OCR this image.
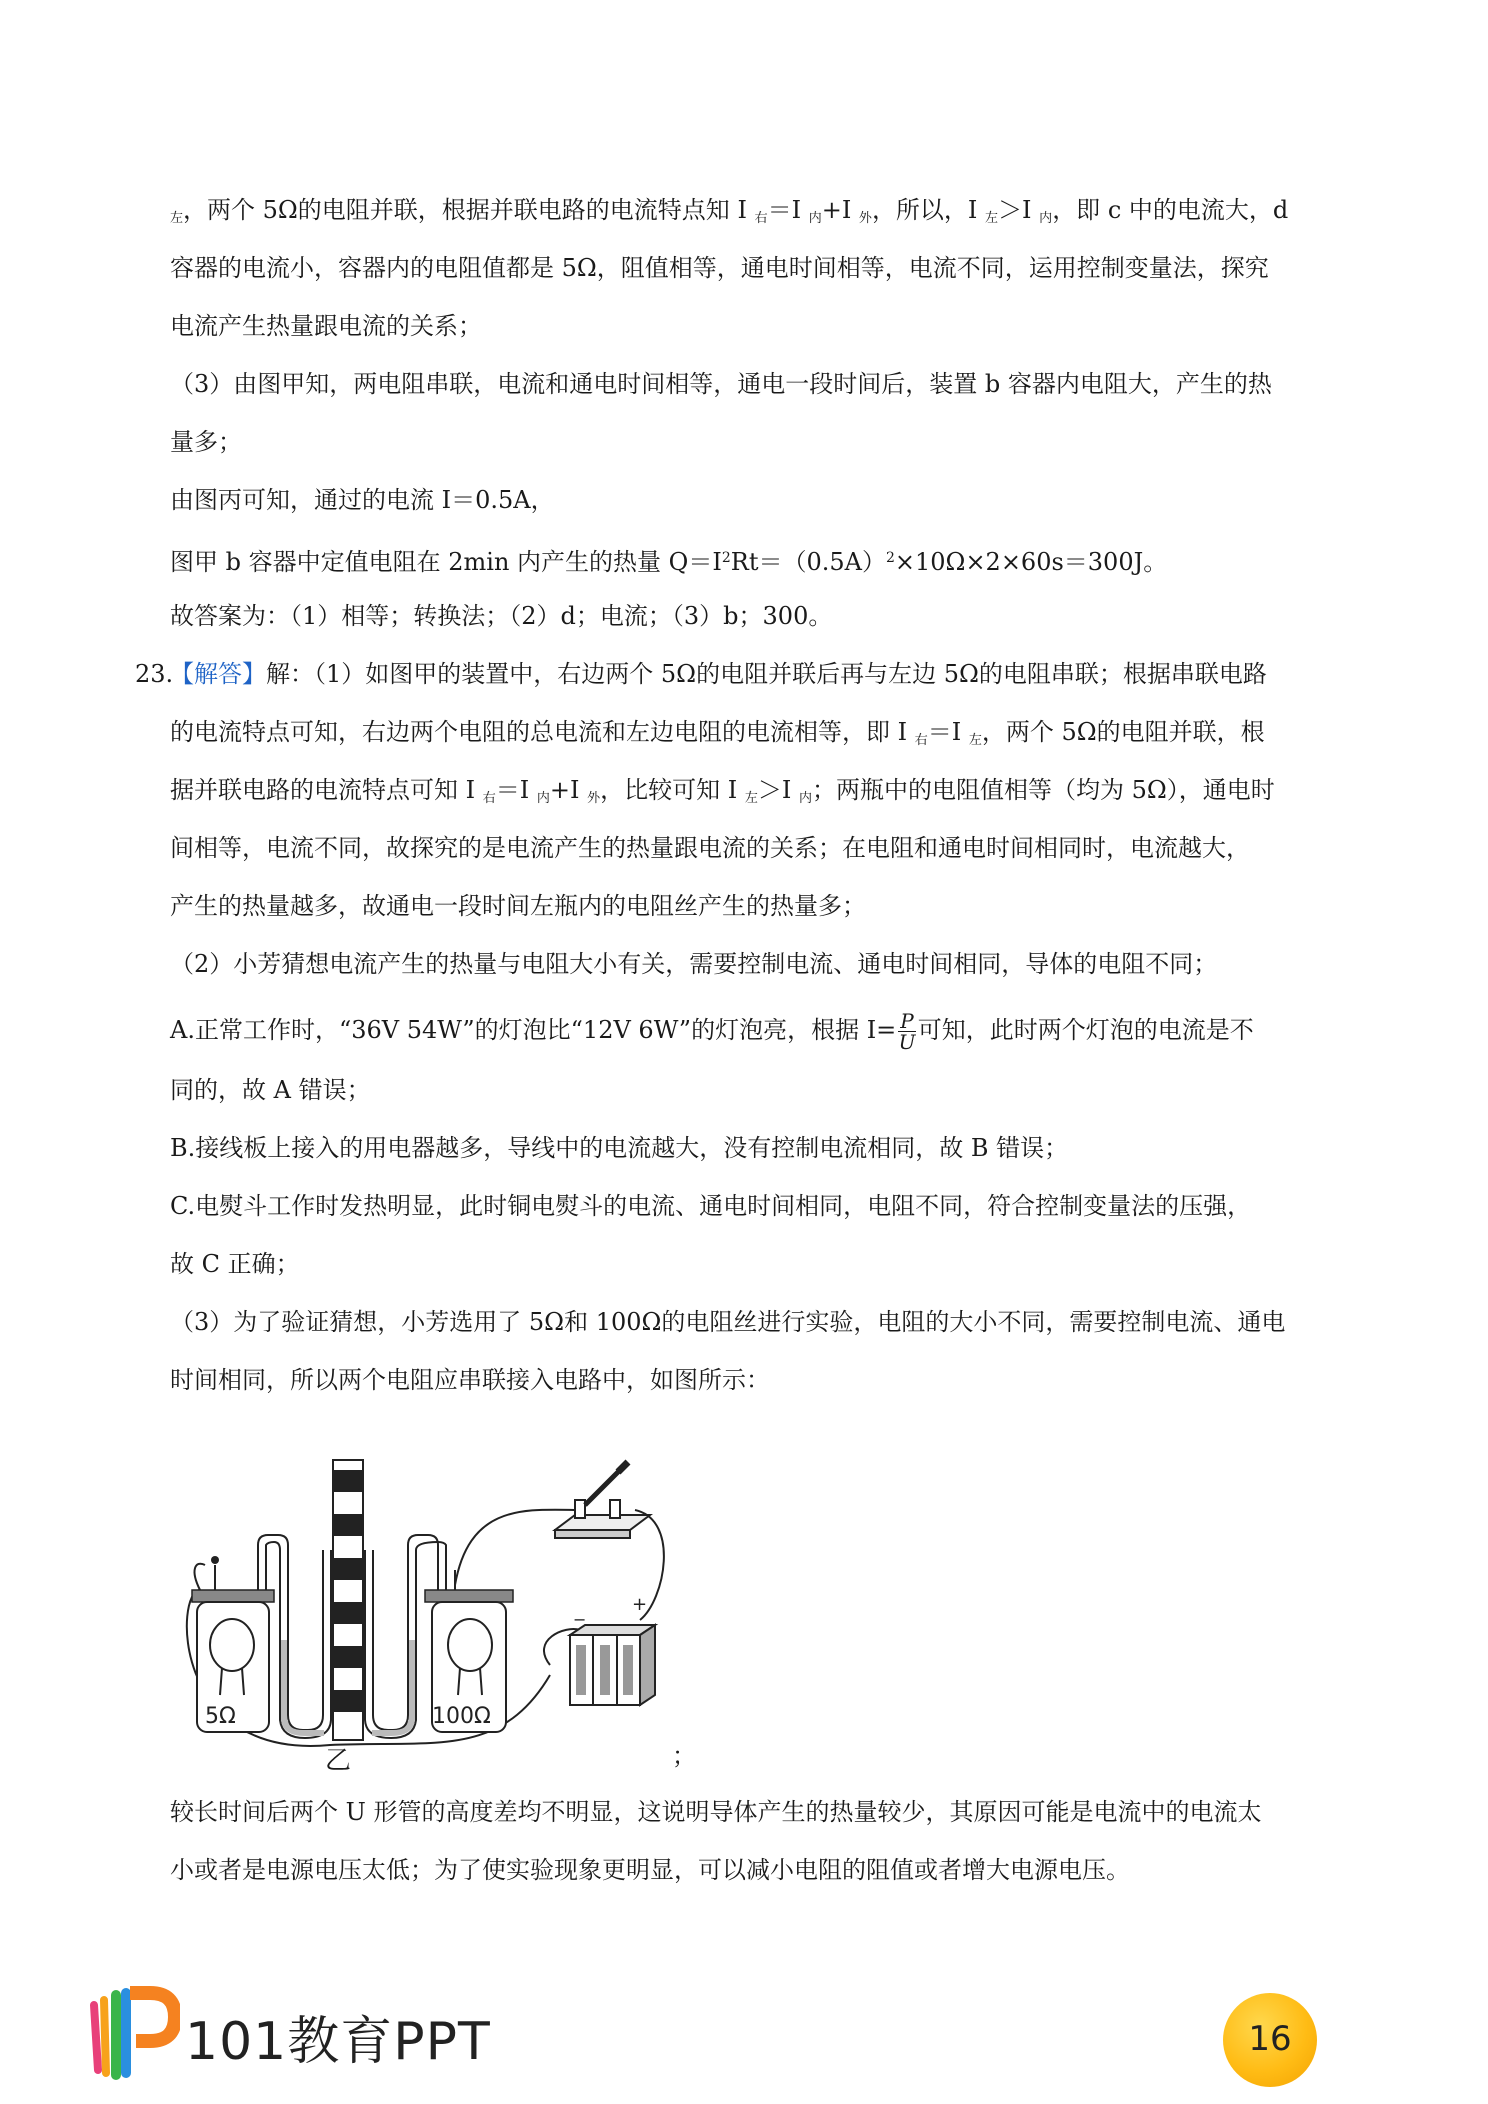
$_左$，两个 5Ω的电阻并联，根据并联电路的电流特点知 I $_右$＝I $_内$+I $_外$，所以，I $_左$＞I $_内$，即 c 中的电流大，d
容器的电流小，容器内的电阻值都是 5Ω，阻值相等，通电时间相等，电流不同，运用控制变量法，探究
电流产生热量跟电流的关系；
（3）由图甲知，两电阻串联，电流和通电时间相等，通电一段时间后，装置 b 容器内电阻大，产生的热
量多；
由图丙可知，通过的电流 I＝0.5A，
图甲 b 容器中定值电阻在 2min 内产生的热量 $Q=I^2Rt=(0.5A)^2\times 10\Omega\times 2\times 60s=300J$。
故答案为：（1）相等；转换法；（2）d；电流；（3）b；300。
23.
【解答】解：（1）如图甲的装置中，右边两个 5Ω的电阻并联后再与左边 5Ω的电阻串联；根据串联电路
的电流特点可知，右边两个电阻的总电流和左边电阻的电流相等，即 I $_右$＝I $_左$，两个 5Ω的电阻并联，根
据并联电路的电流特点可知 I $_右$＝I $_内$+I $_外$，比较可知 I $_左$＞I $_内$；两瓶中的电阻值相等（均为 5Ω），通电时
间相等，电流不同，故探究的是电流产生的热量跟电流的关系；在电阻和通电时间相同时，电流越大，
产生的热量越多，故通电一段时间左瓶内的电阻丝产生的热量多；
（2）小芳猜想电流产生的热量与电阻大小有关，需要控制电流、通电时间相同，导体的电阻不同；
A.正常工作时，“36V 54W”的灯泡比“12V 6W”的灯泡亮，根据 $I= \frac{P}{U}$ 可知，此时两个灯泡的电流是不
同的，故 A 错误；
B.接线板上接入的用电器越多，导线中的电流越大，没有控制电流相同，故 B 错误；
C.电熨斗工作时发热明显，此时铜电熨斗的电流、通电时间相同，电阻不同，符合控制变量法的压强，
故 C 正确；
（3）为了验证猜想，小芳选用了 5Ω和 100Ω的电阻丝进行实验，电阻的大小不同，需要控制电流、通电
时间相同，所以两个电阻应串联接入电路中，如图所示：
5Ω	100Ω
−
+
乙	；
较长时间后两个 U 形管的高度差均不明显，这说明导体产生的热量较少，其原因可能是电流中的电流太
小或者是电源电压太低；为了使实验现象更明显，可以减小电阻的阻值或者增大电源电压。
101教育PPT	16
